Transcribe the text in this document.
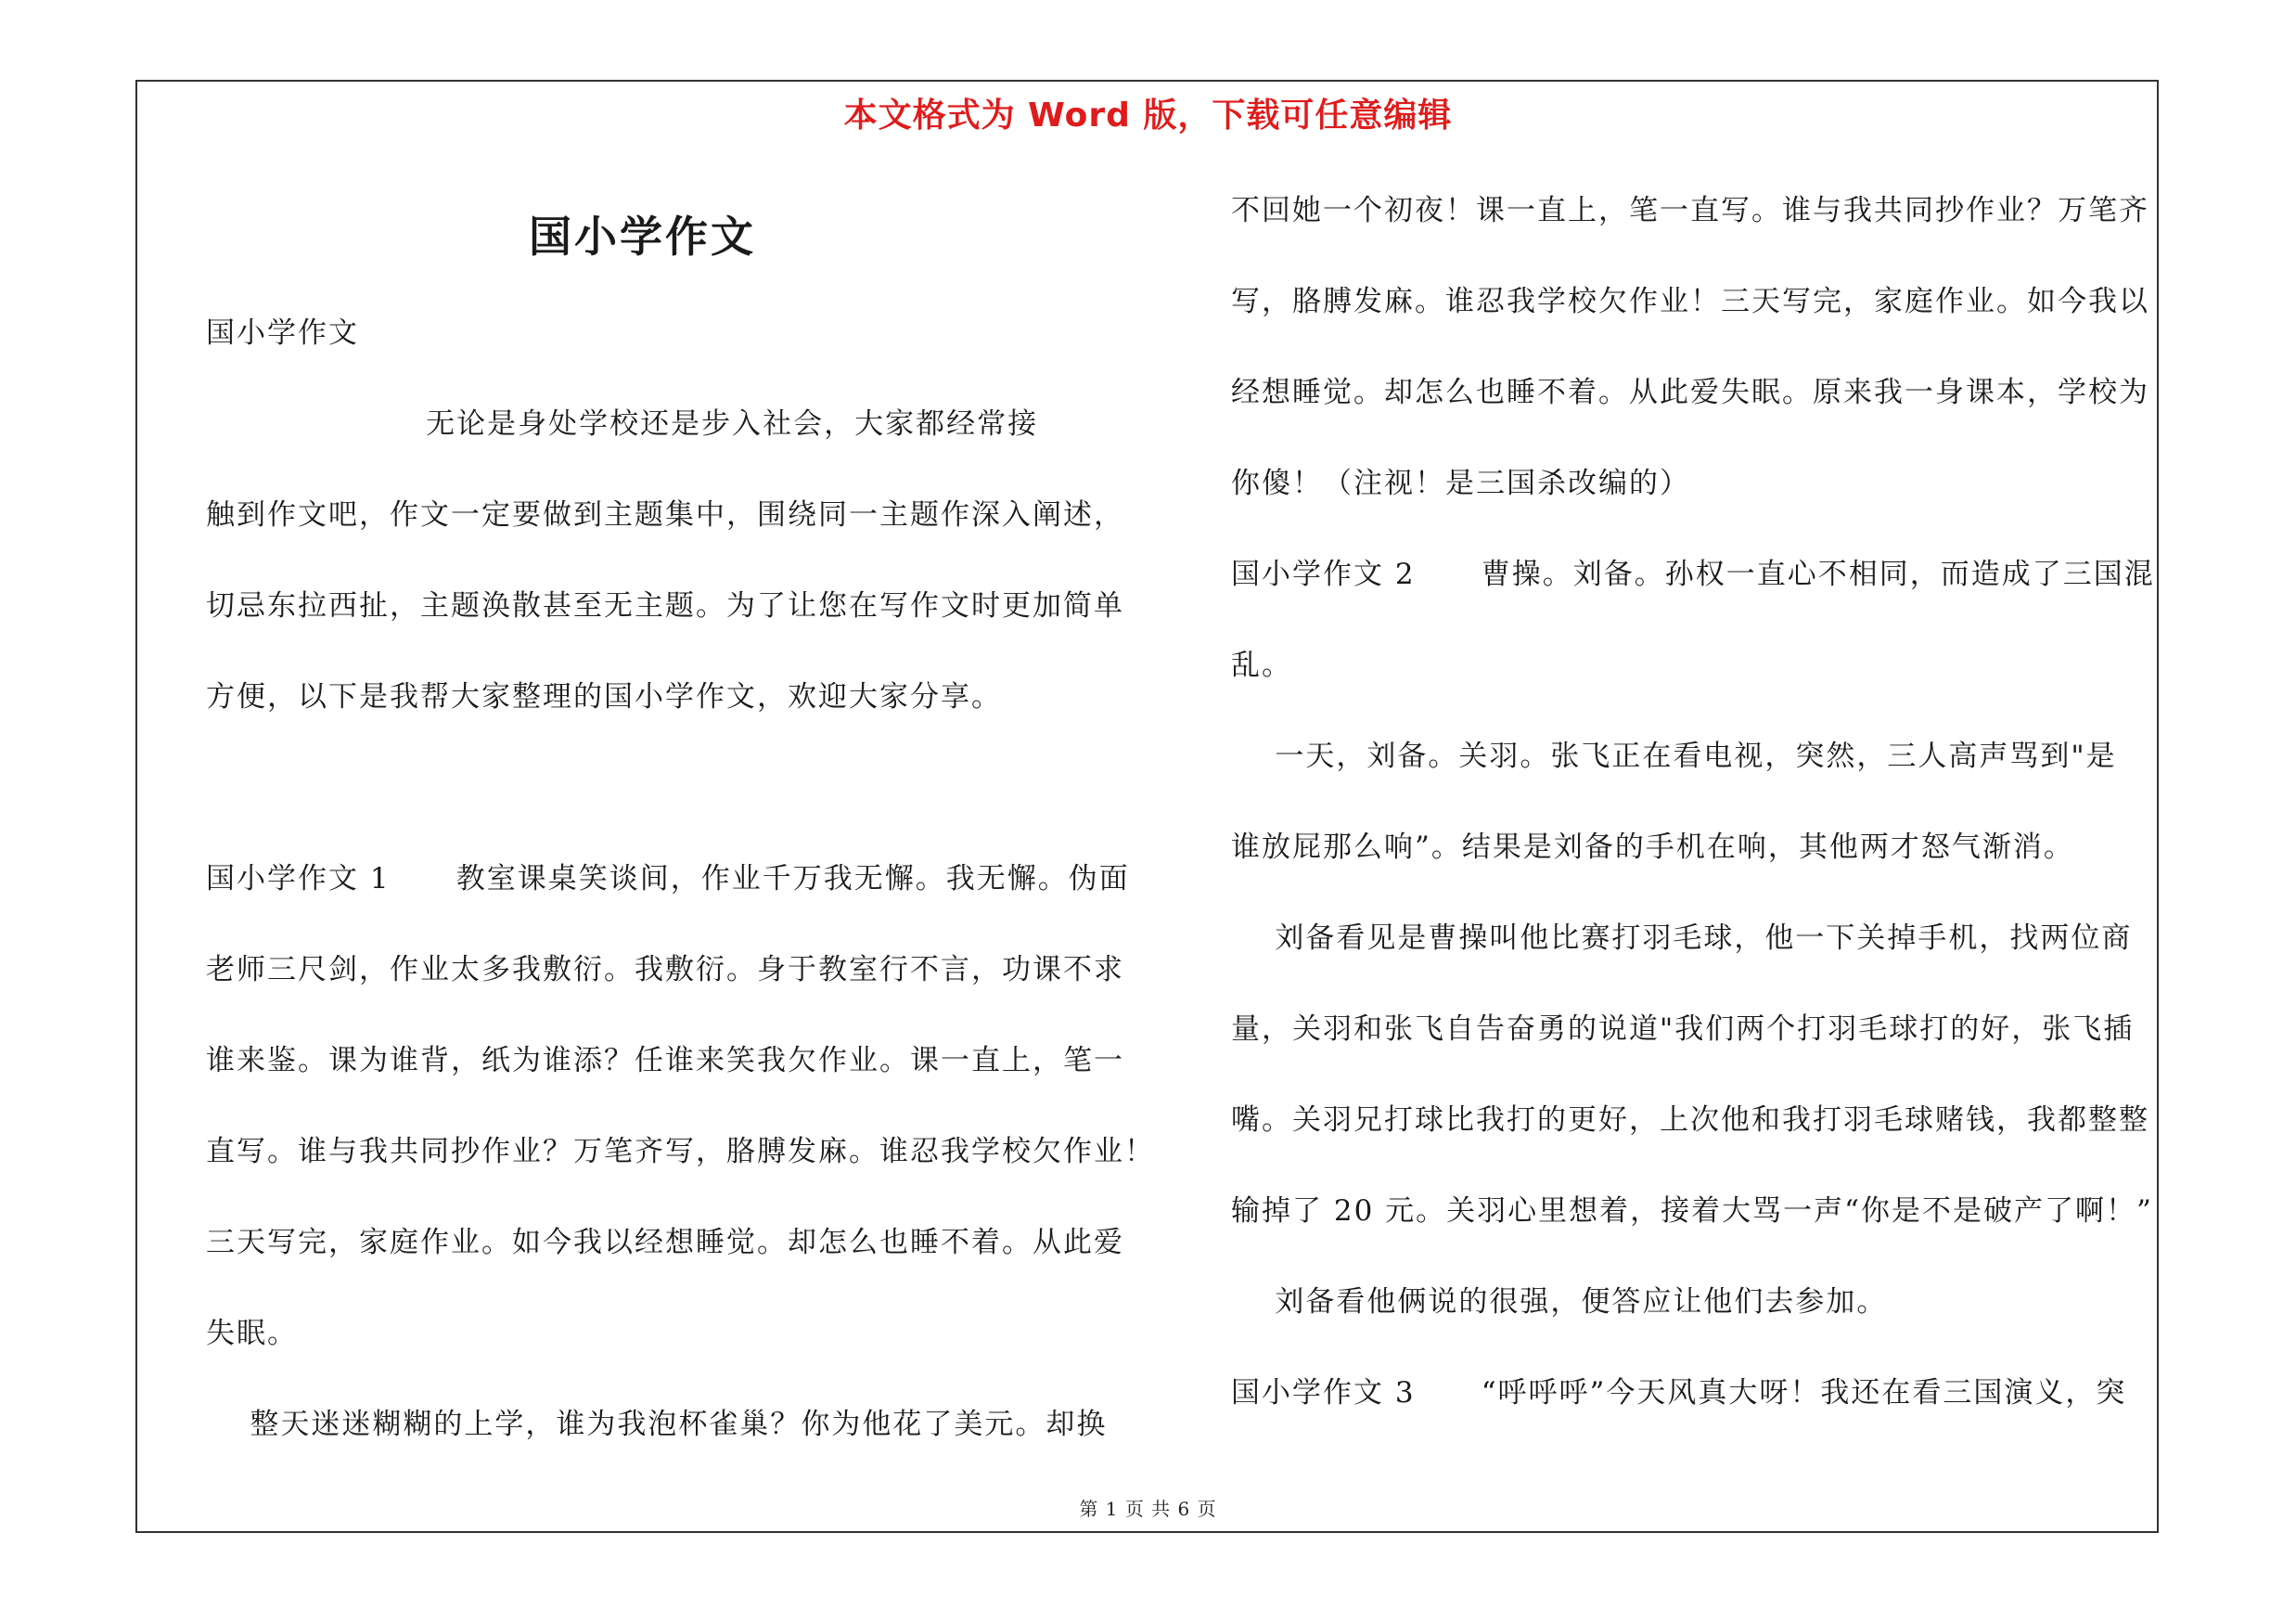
本文格式为 Word 版，下载可任意编辑
国小学作文

国小学作文

无论是身处学校还是步入社会，大家都经常接

触到作文吧，作文一定要做到主题集中，围绕同一主题作深入阐述，

切忌东拉西扯，主题涣散甚至无主题。为了让您在写作文时更加简单

方便，以下是我帮大家整理的国小学作文，欢迎大家分享。

国小学作文 1      教室课桌笑谈间，作业千万我无懈。我无懈。伪面

老师三尺剑，作业太多我敷衍。我敷衍。身于教室行不言，功课不求

谁来鉴。课为谁背，纸为谁添？任谁来笑我欠作业。课一直上，笔一

直写。谁与我共同抄作业？万笔齐写，胳膊发麻。谁忍我学校欠作业！

三天写完，家庭作业。如今我以经想睡觉。却怎么也睡不着。从此爱

失眠。

整天迷迷糊糊的上学，谁为我泡杯雀巢？你为他花了美元。却换

不回她一个初夜！课一直上，笔一直写。谁与我共同抄作业？万笔齐

写，胳膊发麻。谁忍我学校欠作业！三天写完，家庭作业。如今我以

经想睡觉。却怎么也睡不着。从此爱失眠。原来我一身课本，学校为

你傻！（注视！是三国杀改编的）

国小学作文 2      曹操。刘备。孙权一直心不相同，而造成了三国混

乱。

一天，刘备。关羽。张飞正在看电视，突然，三人高声骂到"是

谁放屁那么响”。结果是刘备的手机在响，其他两才怒气渐消。

刘备看见是曹操叫他比赛打羽毛球，他一下关掉手机，找两位商

量，关羽和张飞自告奋勇的说道"我们两个打羽毛球打的好，张飞插

嘴。关羽兄打球比我打的更好，上次他和我打羽毛球赌钱，我都整整

输掉了 20 元。关羽心里想着，接着大骂一声“你是不是破产了啊！”

刘备看他俩说的很强，便答应让他们去参加。

国小学作文 3      “呼呼呼”今天风真大呀！我还在看三国演义，突

第 1 页 共 6 页
